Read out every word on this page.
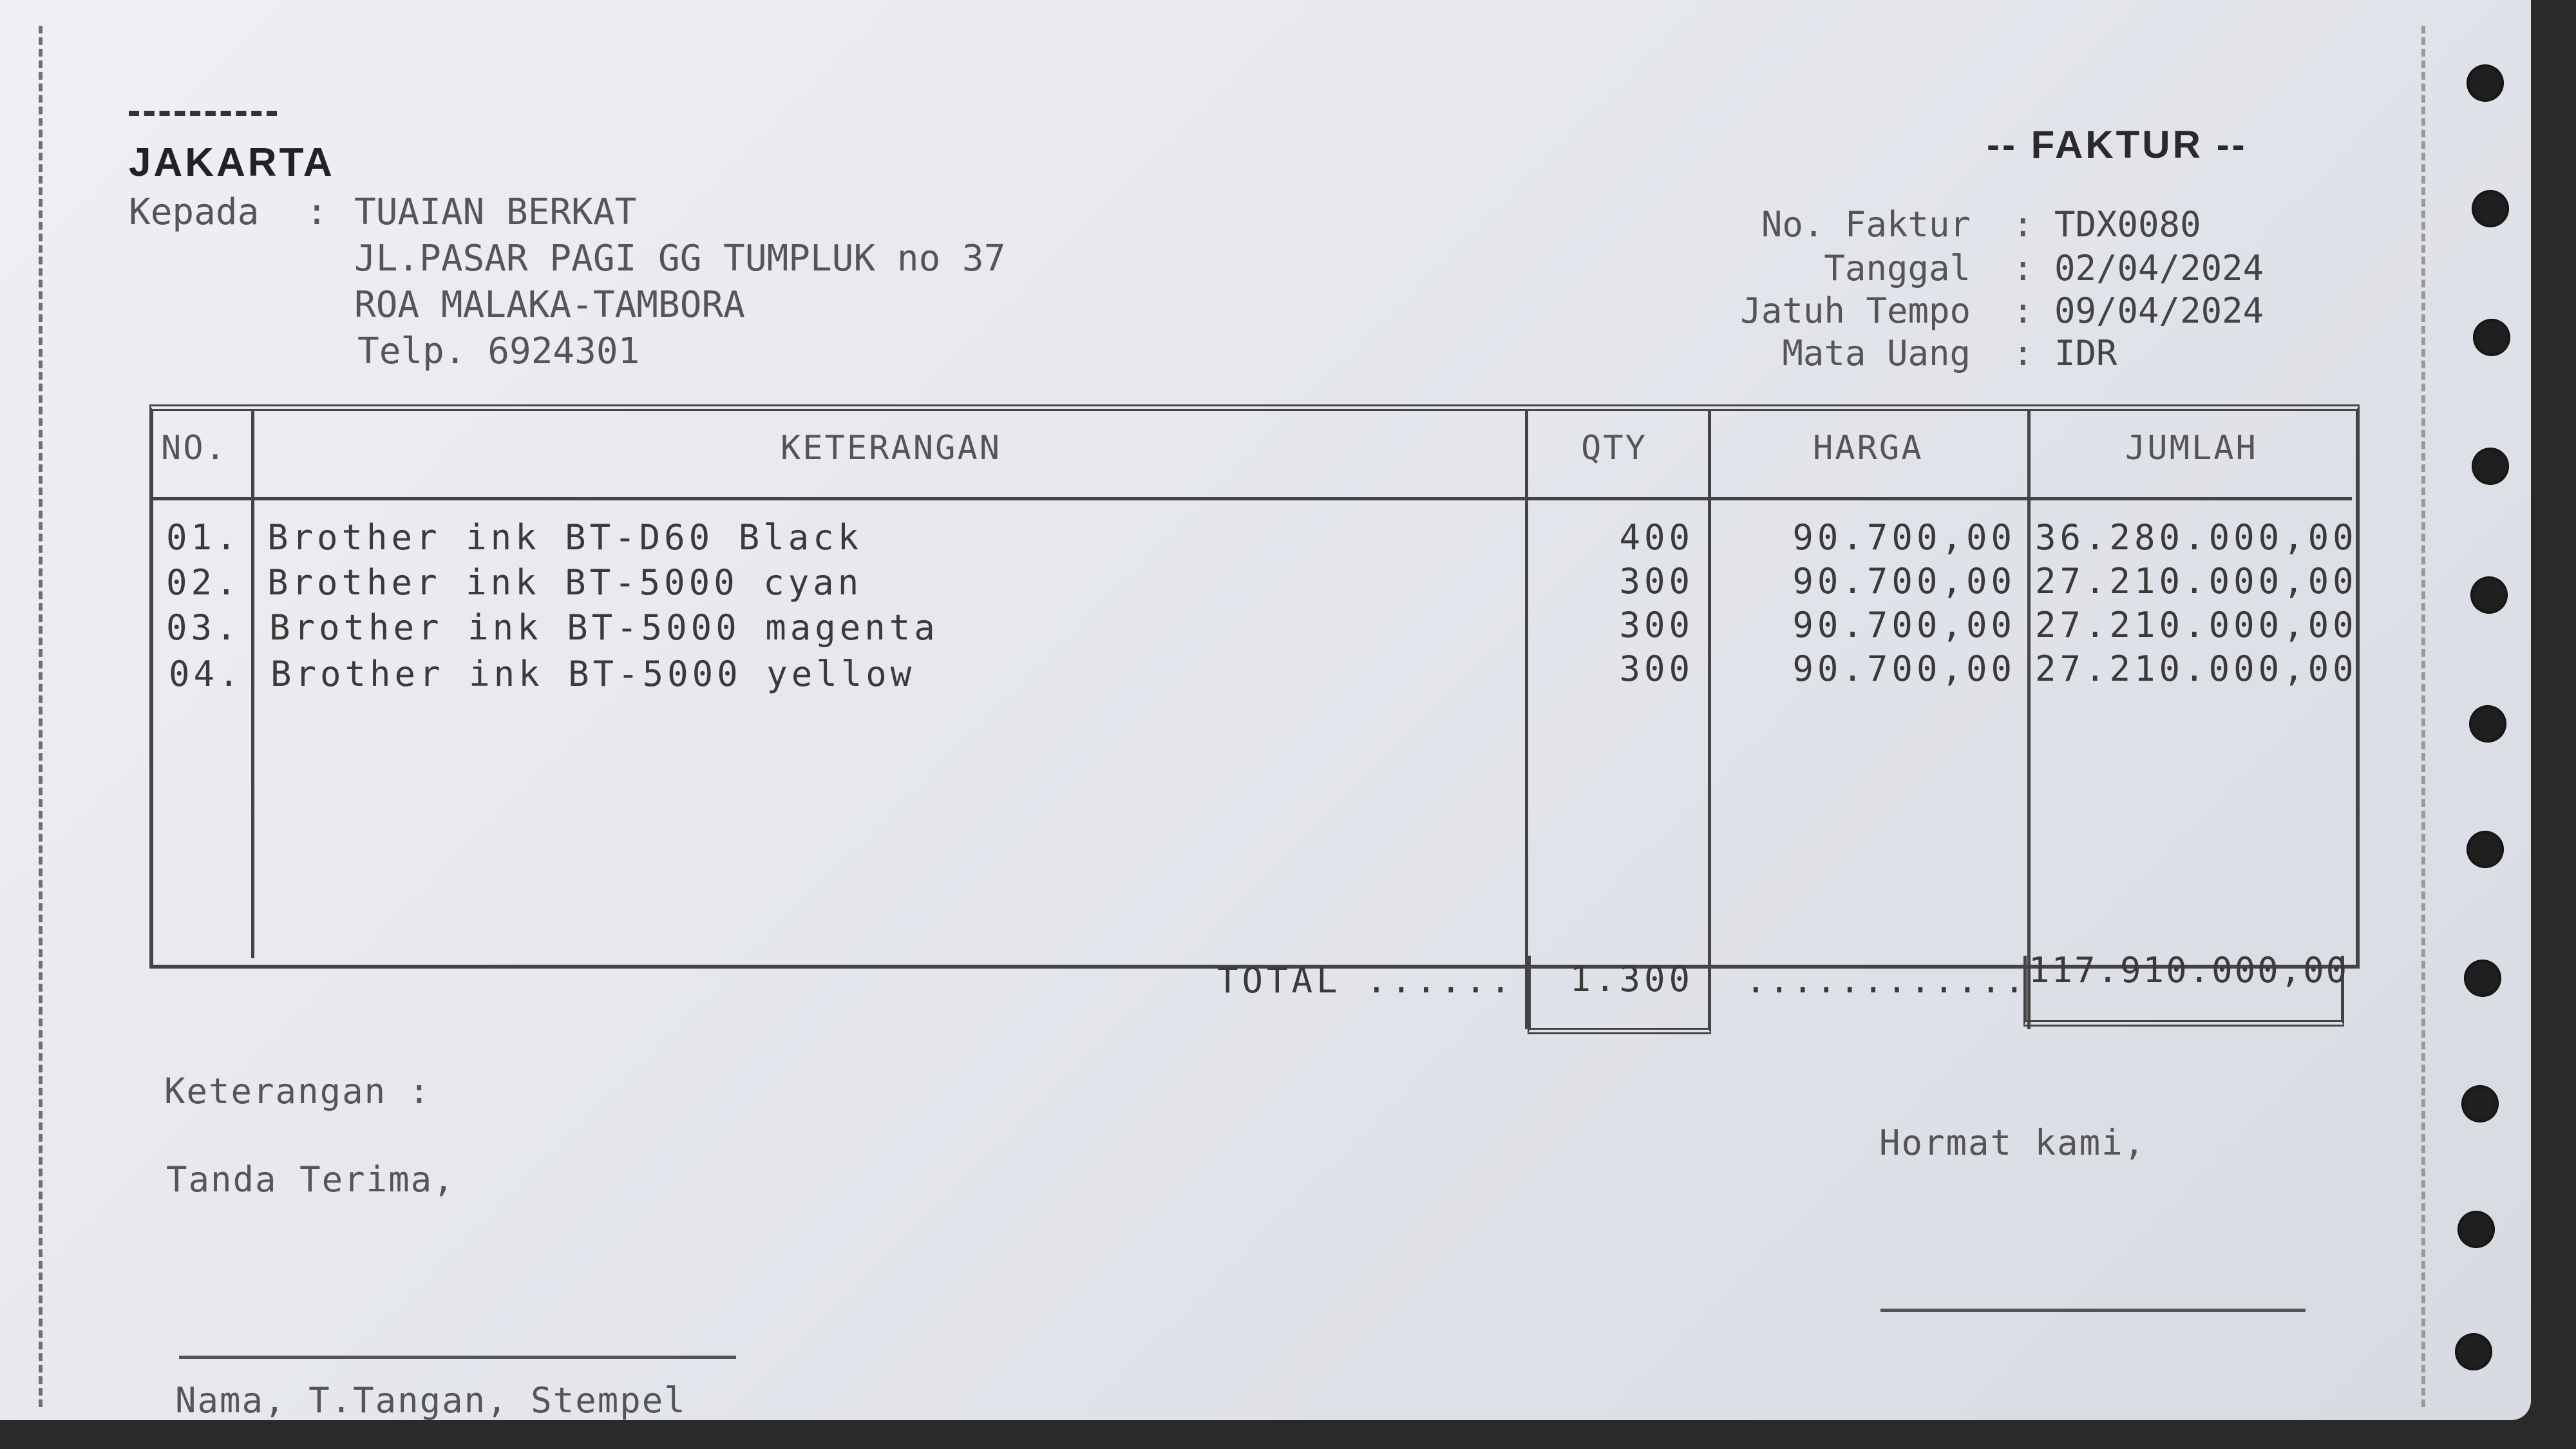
JAKARTA
Kepada : TUAIAN BERKAT
JL.PASAR PAGI GG TUMPLUK no 37
ROA MALAKA-TAMBORA
Telp. 6924301
-- FAKTUR --
No. Faktur : TDX0080
Tanggal : 02/04/2024
Jatuh Tempo : 09/04/2024
Mata Uang : IDR
NO.	KETERANGAN	QTY	HARGA	JUMLAH
01. Brother ink BT-D60 Black	400	90.700,00 36.280.000,00
02. Brother ink BT-5000 cyan	300	90.700,00 27.210.000,00
03. Brother ink BT-5000 magenta	300	90.700,00 27.210.000,00
04. Brother ink BT-5000 yellow	300	90.700,00 27.210.000,00
TOTAL ......	1.300 ............ 117.910.000,00
Keterangan :
Tanda Terima,
Hormat kami,
Nama, T.Tangan, Stempel
